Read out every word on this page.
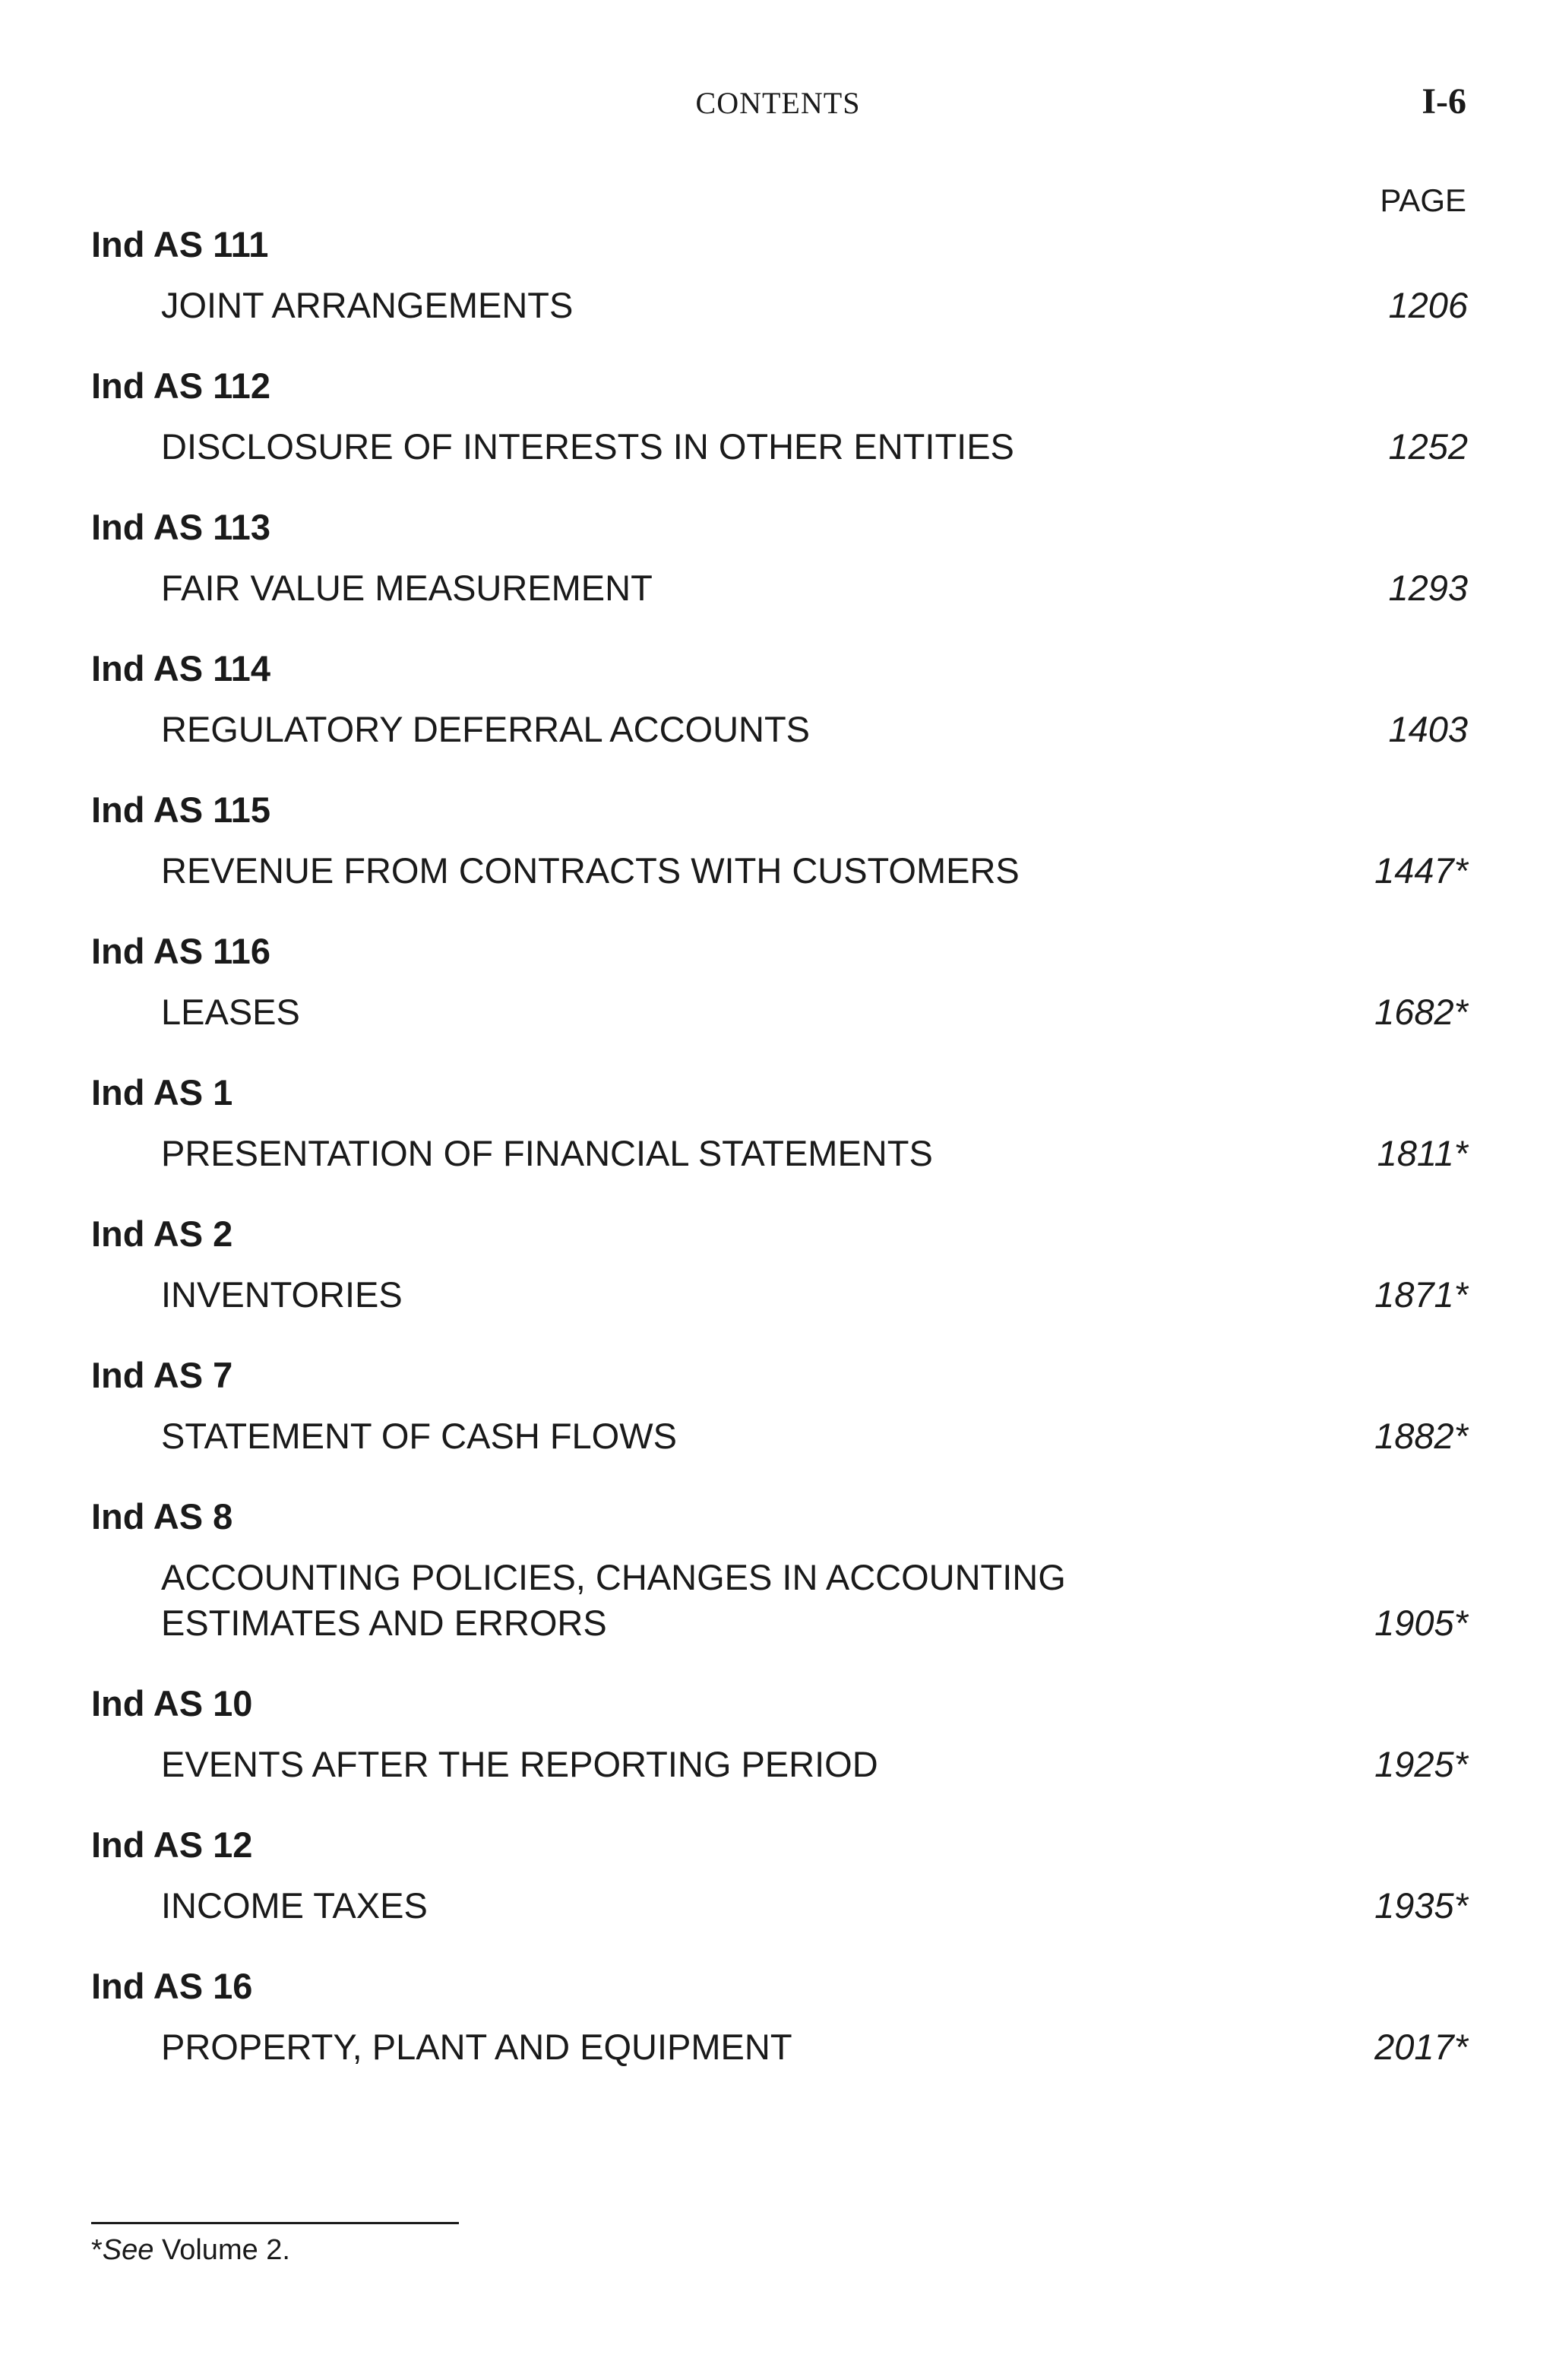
CONTENTS	I-6
PAGE
Ind AS 111
JOINT ARRANGEMENTS	1206
Ind AS 112
DISCLOSURE OF INTERESTS IN OTHER ENTITIES	1252
Ind AS 113
FAIR VALUE MEASUREMENT	1293
Ind AS 114
REGULATORY DEFERRAL ACCOUNTS	1403
Ind AS 115
REVENUE FROM CONTRACTS WITH CUSTOMERS	1447*
Ind AS 116
LEASES	1682*
Ind AS 1
PRESENTATION OF FINANCIAL STATEMENTS	1811*
Ind AS 2
INVENTORIES	1871*
Ind AS 7
STATEMENT OF CASH FLOWS	1882*
Ind AS 8
ACCOUNTING POLICIES, CHANGES IN ACCOUNTING
ESTIMATES AND ERRORS	1905*
Ind AS 10
EVENTS AFTER THE REPORTING PERIOD	1925*
Ind AS 12
INCOME TAXES	1935*
Ind AS 16
PROPERTY, PLANT AND EQUIPMENT	2017*
*See Volume 2.
